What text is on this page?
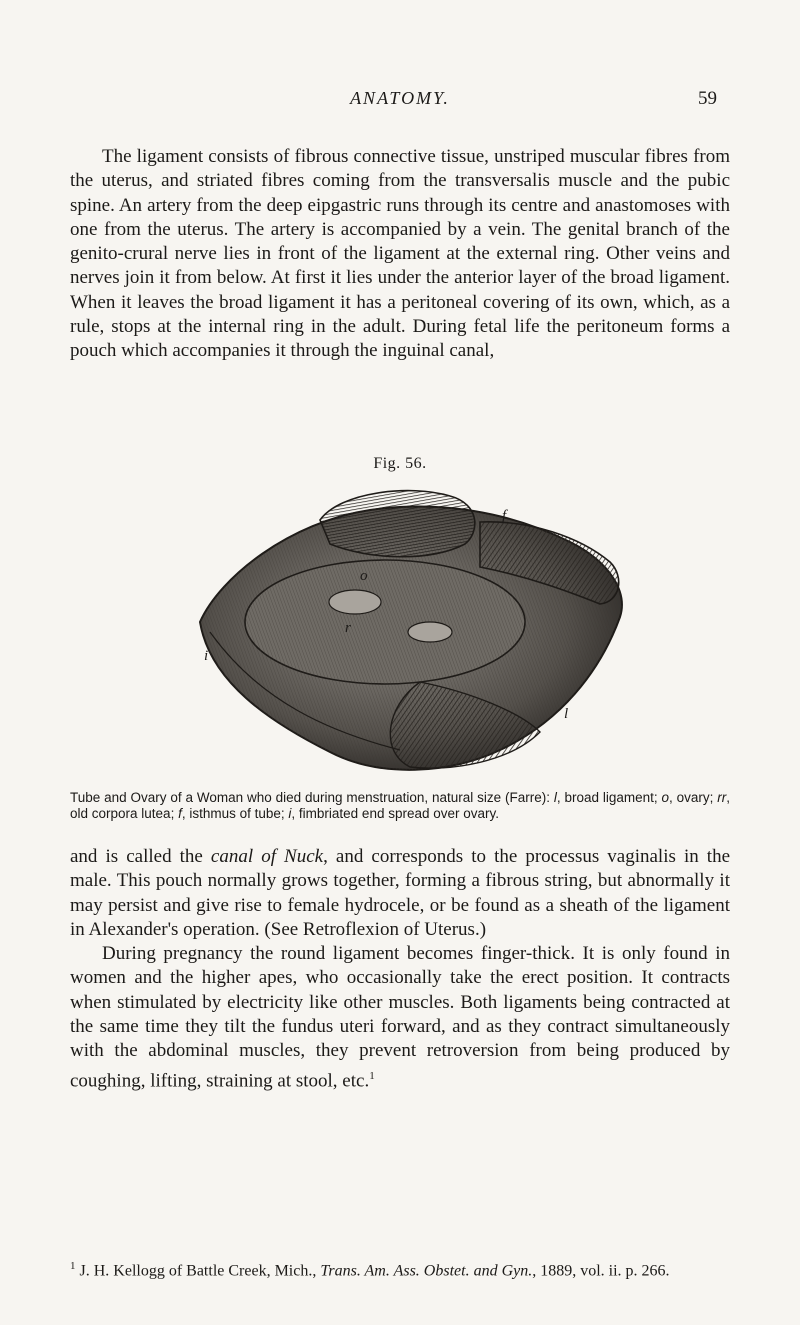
ANATOMY.	59

The ligament consists of fibrous connective tissue, unstriped muscular fibres from the uterus, and striated fibres coming from the transversalis muscle and the pubic spine. An artery from the deep eipgastric runs through its centre and anastomoses with one from the uterus. The artery is accompanied by a vein. The genital branch of the genito-crural nerve lies in front of the ligament at the external ring. Other veins and nerves join it from below. At first it lies under the anterior layer of the broad ligament. When it leaves the broad ligament it has a peritoneal covering of its own, which, as a rule, stops at the internal ring in the adult. During fetal life the peritoneum forms a pouch which accompanies it through the inguinal canal,

Fig. 56.
f
o
r
i
l
Tube and Ovary of a Woman who died during menstruation, natural size (Farre): l, broad ligament; o, ovary; rr, old corpora lutea; f, isthmus of tube; i, fimbriated end spread over ovary.

and is called the canal of Nuck, and corresponds to the processus vaginalis in the male. This pouch normally grows together, forming a fibrous string, but abnormally it may persist and give rise to female hydrocele, or be found as a sheath of the ligament in Alexander's operation. (See Retroflexion of Uterus.)

During pregnancy the round ligament becomes finger-thick. It is only found in women and the higher apes, who occasionally take the erect position. It contracts when stimulated by electricity like other muscles. Both ligaments being contracted at the same time they tilt the fundus uteri forward, and as they contract simultaneously with the abdominal muscles, they prevent retroversion from being produced by coughing, lifting, straining at stool, etc.$^1$

$^1$ J. H. Kellogg of Battle Creek, Mich., Trans. Am. Ass. Obstet. and Gyn., 1889, vol. ii. p. 266.
